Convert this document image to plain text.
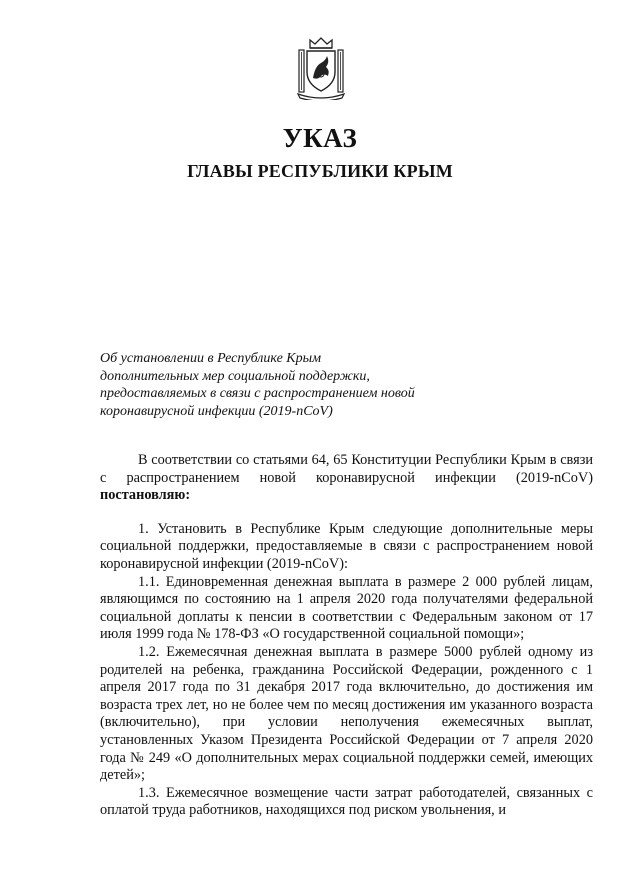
УКАЗ
ГЛАВЫ РЕСПУБЛИКИ КРЫМ
Об установлении в Республике Крым
дополнительных мер социальной поддержки,
предоставляемых в связи с распространением новой
коронавирусной инфекции (2019-nCoV)

В соответствии со статьями 64, 65 Конституции Республики Крым в связи с распространением новой коронавирусной инфекции (2019-nCoV) постановляю:

1. Установить в Республике Крым следующие дополнительные меры социальной поддержки, предоставляемые в связи с распространением новой коронавирусной инфекции (2019-nCoV):

1.1. Единовременная денежная выплата в размере 2 000 рублей лицам, являющимся по состоянию на 1 апреля 2020 года получателями федеральной социальной доплаты к пенсии в соответствии с Федеральным законом от 17 июля 1999 года № 178-ФЗ «О государственной социальной помощи»;

1.2. Ежемесячная денежная выплата в размере 5000 рублей одному из родителей на ребенка, гражданина Российской Федерации, рожденного с 1 апреля 2017 года по 31 декабря 2017 года включительно, до достижения им возраста трех лет, но не более чем по месяц достижения им указанного возраста (включительно), при условии неполучения ежемесячных выплат, установленных Указом Президента Российской Федерации от 7 апреля 2020 года № 249 «О дополнительных мерах социальной поддержки семей, имеющих детей»;

1.3. Ежемесячное возмещение части затрат работодателей, связанных с оплатой труда работников, находящихся под риском увольнения, и
